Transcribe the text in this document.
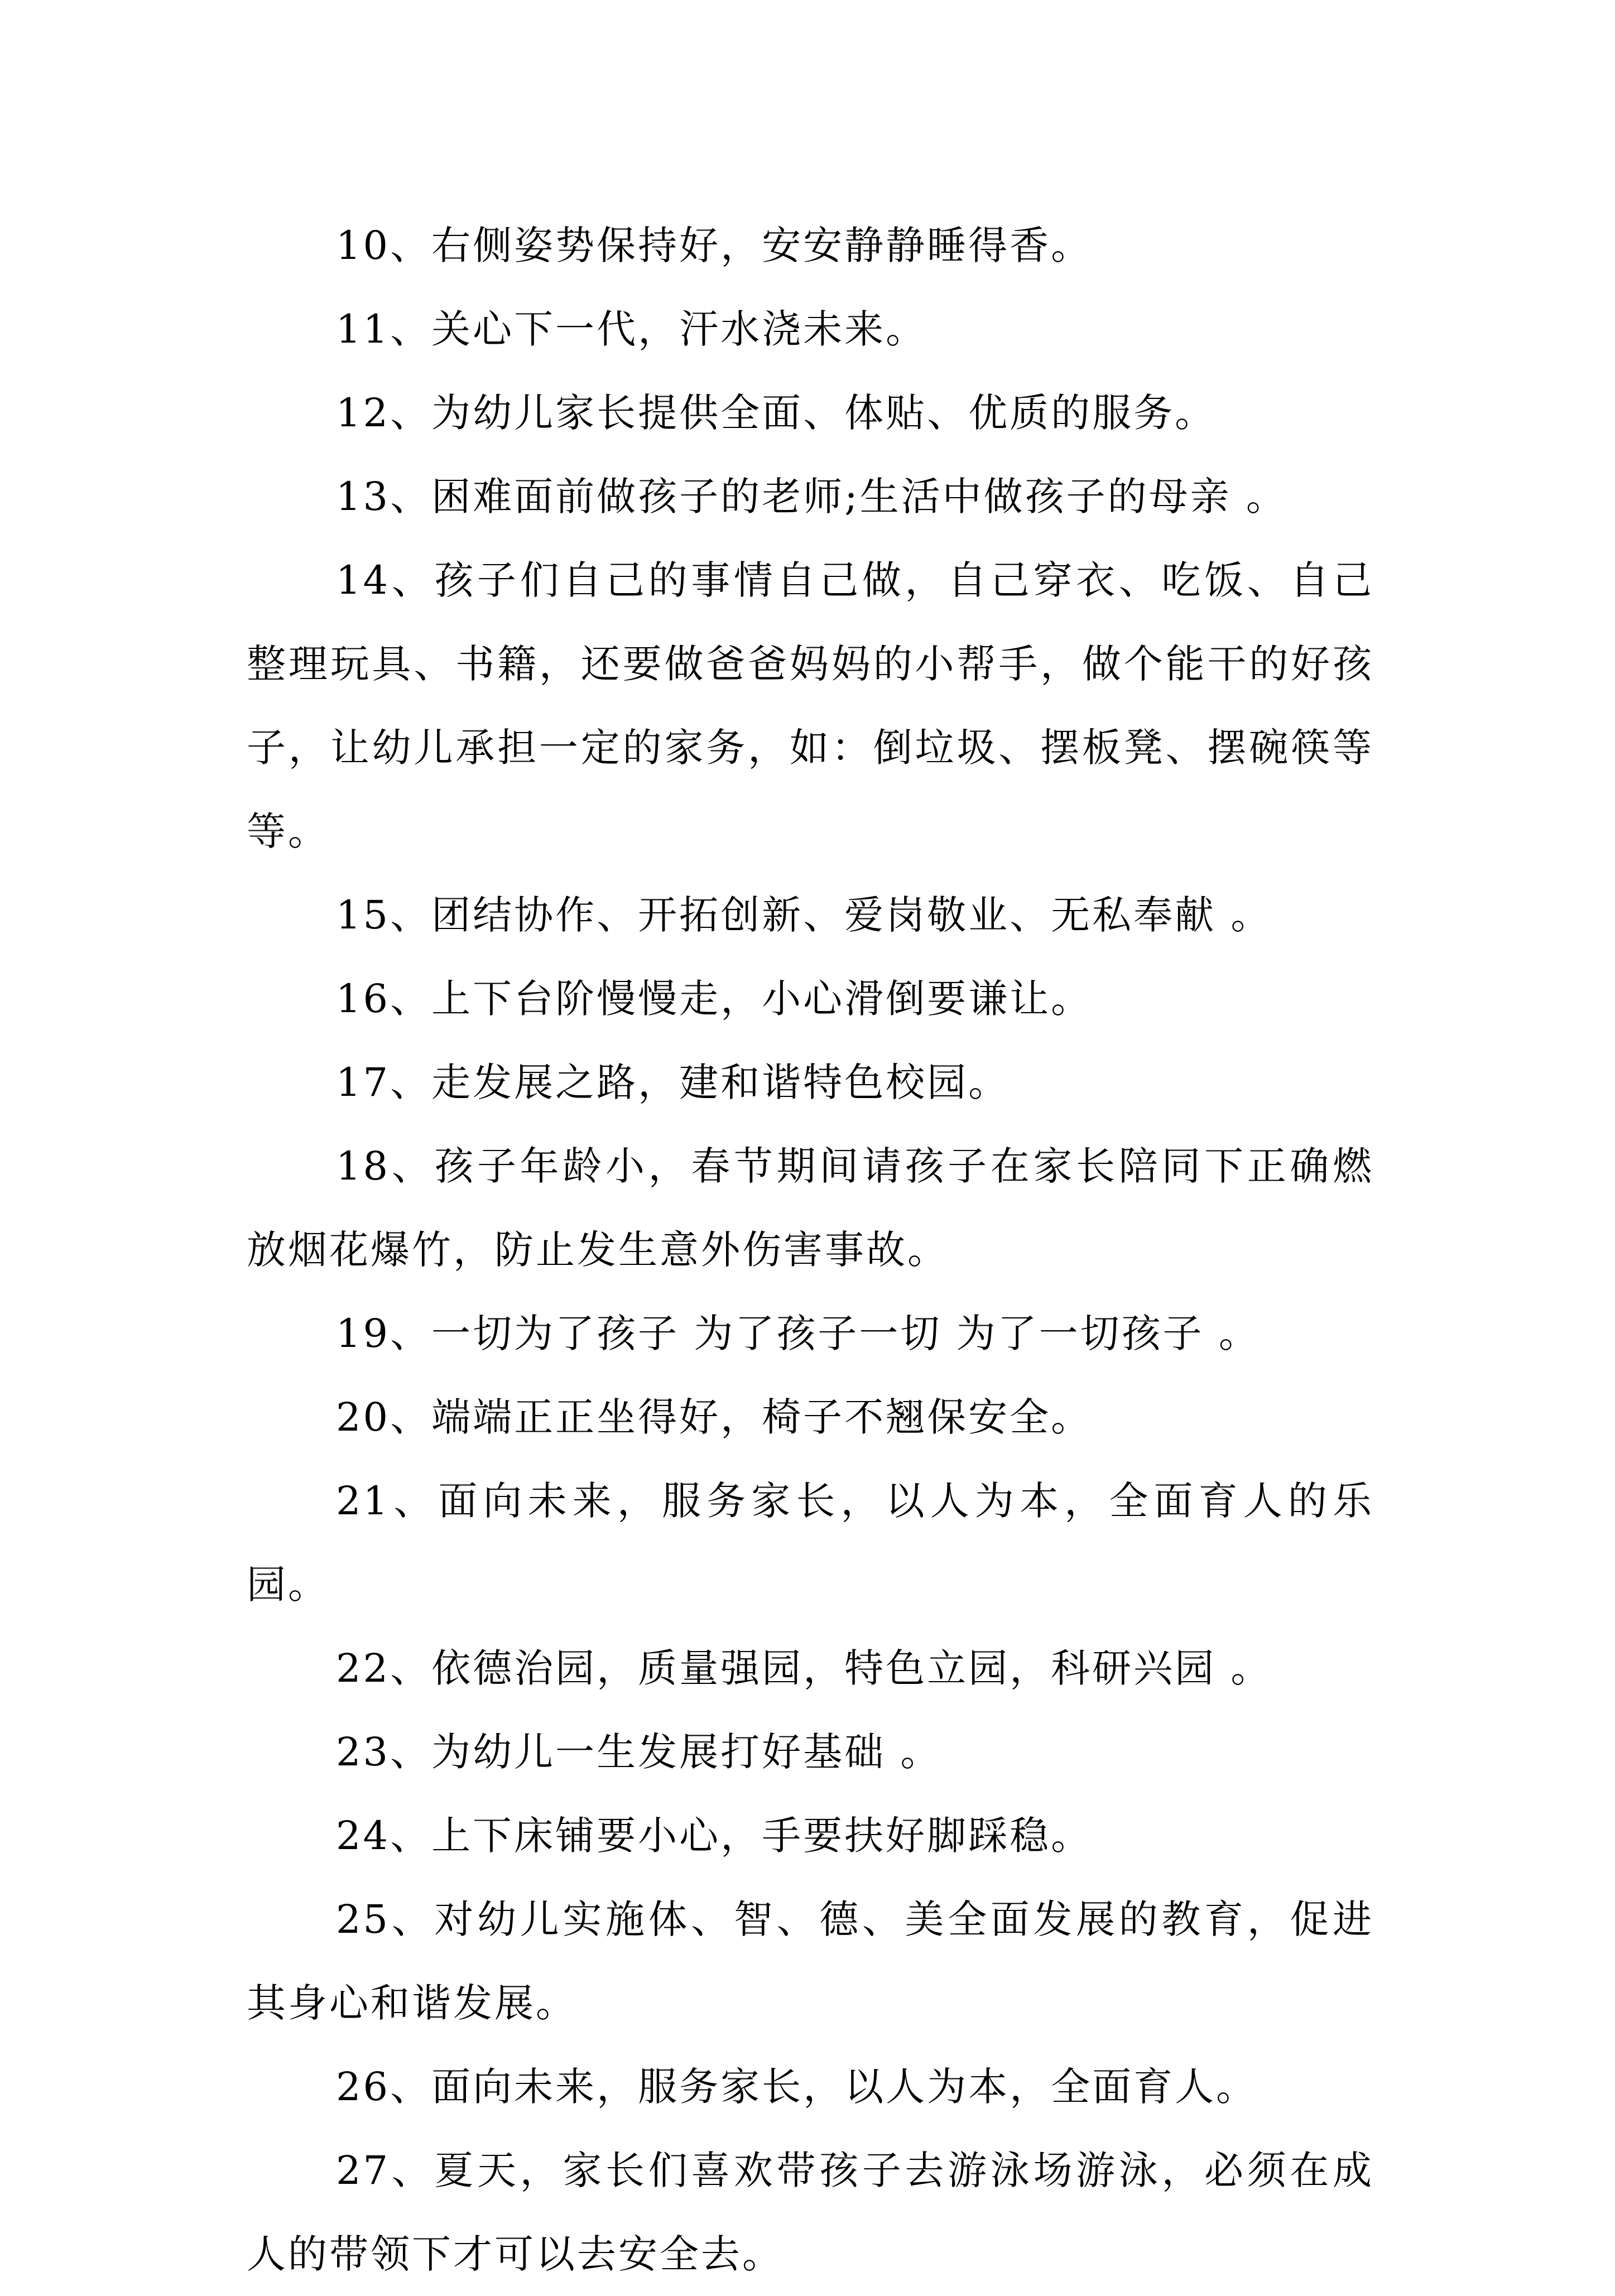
10、右侧姿势保持好，安安静静睡得香。

11、关心下一代，汗水浇未来。

12、为幼儿家长提供全面、体贴、优质的服务。

13、困难面前做孩子的老师;生活中做孩子的母亲 。

14、孩子们自己的事情自己做，自己穿衣、吃饭、自己整理玩具、书籍，还要做爸爸妈妈的小帮手，做个能干的好孩子，让幼儿承担一定的家务，如：倒垃圾、摆板凳、摆碗筷等等。

15、团结协作、开拓创新、爱岗敬业、无私奉献 。

16、上下台阶慢慢走，小心滑倒要谦让。

17、走发展之路，建和谐特色校园。

18、孩子年龄小，春节期间请孩子在家长陪同下正确燃放烟花爆竹，防止发生意外伤害事故。

19、一切为了孩子 为了孩子一切 为了一切孩子 。

20、端端正正坐得好，椅子不翘保安全。

21、面向未来，服务家长，以人为本，全面育人的乐园。

22、依德治园，质量强园，特色立园，科研兴园 。

23、为幼儿一生发展打好基础 。

24、上下床铺要小心，手要扶好脚踩稳。

25、对幼儿实施体、智、德、美全面发展的教育，促进其身心和谐发展。

26、面向未来，服务家长，以人为本，全面育人。

27、夏天，家长们喜欢带孩子去游泳场游泳，必须在成人的带领下才可以去安全去。
